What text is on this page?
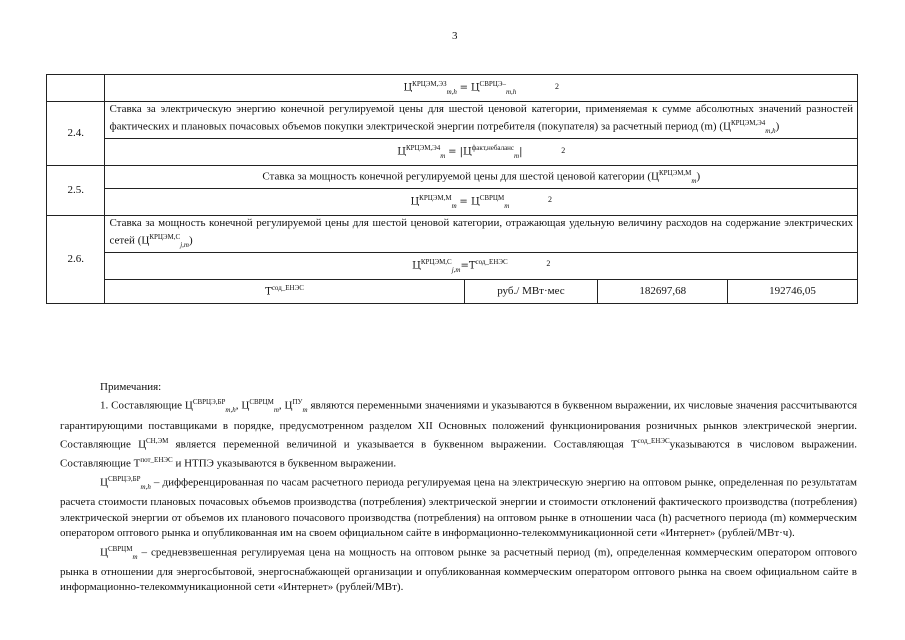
3
	$Ц^{КРЦЭМ,ЭЗ}_{m,h} = Ц^{СВРЦЭ-}_{m,h}$ 2			
2.4.	Ставка за электрическую энергию конечной регулируемой цены для шестой ценовой категории, применяемая к сумме абсолютных значений разностей фактических и плановых почасовых объемов покупки электрической энергии потребителя (покупателя) за расчетный период (m) $(Ц^{КРЦЭМ,Э4}_{m,h})$			
	$Ц^{КРЦЭМ,Э4}_m = |Ц^{факт,небаланс}_m|$ 2			
2.5.	Ставка за мощность конечной регулируемой цены для шестой ценовой категории $(Ц^{КРЦЭМ,М}_m)$			
	$Ц^{КРЦЭМ,М}_m = Ц^{СВРЦМ}_m$ 2			
2.6.	Ставка за мощность конечной регулируемой цены для шестой ценовой категории, отражающая удельную величину расходов на содержание электрических сетей $(Ц^{КРЦЭМ,С}_{j,m})$			
	$Ц^{КРЦЭМ,С}_{j,m}=Т^{сод\_ЕНЭС}$ 2			
	$Т^{сод\_ЕНЭС}$	руб./ МВт·мес	182697,68	192746,05

Примечания:

1. Составляющие $Ц^{СВРЦЭ,БР}_{m,h}$, $Ц^{СВРЦМ}_m$, $Ц^{ПУ}_m$ являются переменными значениями и указываются в буквенном выражении, их числовые значения рассчитываются гарантирующими поставщиками в порядке, предусмотренном разделом XII Основных положений функционирования розничных рынков электрической энергии. Составляющие $Ц^{СН,ЭМ}$ является переменной величиной и указывается в буквенном выражении. Составляющая $Т^{сод\_ЕНЭС}указываются$ в числовом выражении. Составляющие $Т^{пот\_ЕНЭС}$ и НТПЭ указываются в буквенном выражении.

$Ц^{СВРЦЭ,БР}_{m,h}$ – дифференцированная по часам расчетного периода регулируемая цена на электрическую энергию на оптовом рынке, определенная по результатам расчета стоимости плановых почасовых объемов производства (потребления) электрической энергии и стоимости отклонений фактического производства (потребления) электрической энергии от объемов их планового почасового производства (потребления) на оптовом рынке в отношении часа (h) расчетного периода (m) коммерческим оператором оптового рынка и опубликованная им на своем официальном сайте в информационно-телекоммуникационной сети «Интернет» (рублей/МВт·ч).

$Ц^{СВРЦМ}_m$ – средневзвешенная регулируемая цена на мощность на оптовом рынке за расчетный период (m), определенная коммерческим оператором оптового рынка в отношении для энергосбытовой, энергоснабжающей организации и опубликованная коммерческим оператором оптового рынка на своем официальном сайте в информационно-телекоммуникационной сети «Интернет» (рублей/МВт).
